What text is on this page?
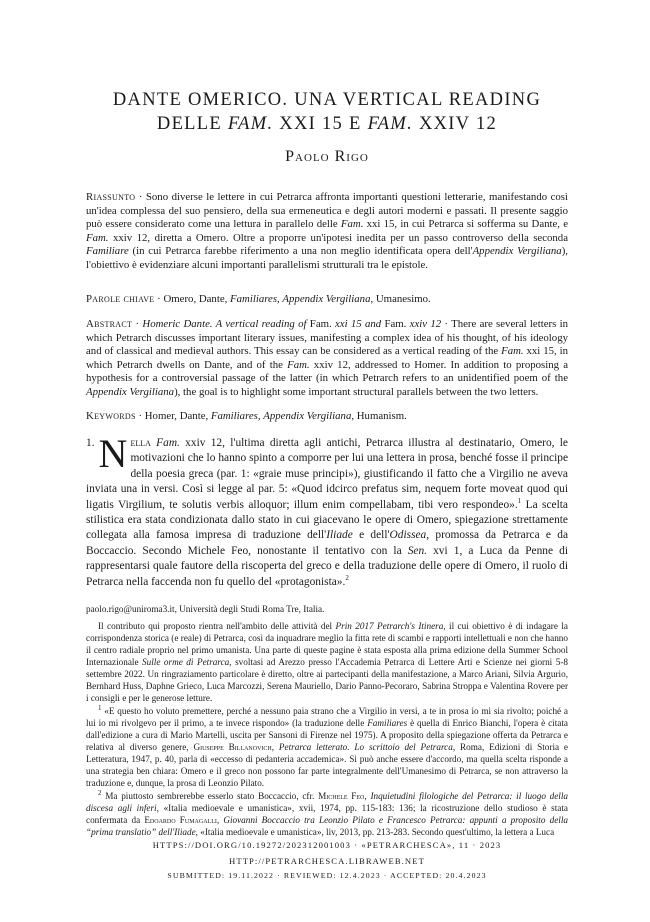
DANTE OMERICO. UNA VERTICAL READING
DELLE FAM. XXI 15 E FAM. XXIV 12
Paolo Rigo
Riassunto · Sono diverse le lettere in cui Petrarca affronta importanti questioni letterarie, manifestando così un'idea complessa del suo pensiero, della sua ermeneutica e degli autori moderni e passati. Il presente saggio può essere considerato come una lettura in parallelo delle Fam. xxi 15, in cui Petrarca si sofferma su Dante, e Fam. xxiv 12, diretta a Omero. Oltre a proporre un'ipotesi inedita per un passo controverso della seconda Familiare (in cui Petrarca farebbe riferimento a una non meglio identificata opera dell'Appendix Vergiliana), l'obiettivo è evidenziare alcuni importanti parallelismi strutturali tra le epistole.
Parole chiave · Omero, Dante, Familiares, Appendix Vergiliana, Umanesimo.
Abstract · Homeric Dante. A vertical reading of Fam. xxi 15 and Fam. xxiv 12 · There are several letters in which Petrarch discusses important literary issues, manifesting a complex idea of his thought, of his ideology and of classical and medieval authors. This essay can be considered as a vertical reading of the Fam. xxi 15, in which Petrarch dwells on Dante, and of the Fam. xxiv 12, addressed to Homer. In addition to proposing a hypothesis for a controversial passage of the latter (in which Petrarch refers to an unidentified poem of the Appendix Vergiliana), the goal is to highlight some important structural parallels between the two letters.
Keywords · Homer, Dante, Familiares, Appendix Vergiliana, Humanism.

1. N ella Fam. xxiv 12, l'ultima diretta agli antichi, Petrarca illustra al destinatario, Omero, le motivazioni che lo hanno spinto a comporre per lui una lettera in prosa, benché fosse il principe della poesia greca (par. 1: «graie muse principi»), giustificando il fatto che a Virgilio ne aveva inviata una in versi. Così si legge al par. 5: «Quod idcirco prefatus sim, nequem forte moveat quod qui ligatis Virgilium, te solutis verbis alloquor; illum enim compellabam, tibi vero respondeo».$^1$ La scelta stilistica era stata condizionata dallo stato in cui giacevano le opere di Omero, spiegazione strettamente collegata alla famosa impresa di traduzione dell'Iliade e dell'Odissea, promossa da Petrarca e da Boccaccio. Secondo Michele Feo, nonostante il tentativo con la Sen. xvi 1, a Luca da Penne di rappresentarsi quale fautore della riscoperta del greco e della traduzione delle opere di Omero, il ruolo di Petrarca nella faccenda non fu quello del «protagonista».$^2$

paolo.rigo@uniroma3.it, Università degli Studi Roma Tre, Italia.

Il contributo qui proposto rientra nell'ambito delle attività del Prin 2017 Petrarch's Itinera, il cui obiettivo è di indagare la corrispondenza storica (e reale) di Petrarca, così da inquadrare meglio la fitta rete di scambi e rapporti intellettuali e non che hanno il centro radiale proprio nel primo umanista. Una parte di queste pagine è stata esposta alla prima edizione della Summer School Internazionale Sulle orme di Petrarca, svoltasi ad Arezzo presso l'Accademia Petrarca di Lettere Arti e Scienze nei giorni 5-8 settembre 2022. Un ringraziamento particolare è diretto, oltre ai partecipanti della manifestazione, a Marco Ariani, Silvia Argurio, Bernhard Huss, Daphne Grieco, Luca Marcozzi, Serena Mauriello, Dario Panno-Pecoraro, Sabrina Stroppa e Valentina Rovere per i consigli e per le generose letture.

$^1$ «E questo ho voluto premettere, perché a nessuno paia strano che a Virgilio in versi, a te in prosa io mi sia rivolto; poiché a lui io mi rivolgevo per il primo, a te invece rispondo» (la traduzione delle Familiares è quella di Enrico Bianchi, l'opera è citata dall'edizione a cura di Mario Martelli, uscita per Sansoni di Firenze nel 1975). A proposito della spiegazione offerta da Petrarca e relativa al diverso genere, Giuseppe Billanovich, Petrarca letterato. Lo scrittoio del Petrarca, Roma, Edizioni di Storia e Letteratura, 1947, p. 40, parla di «eccesso di pedanteria accademica». Si può anche essere d'accordo, ma quella scelta risponde a una strategia ben chiara: Omero e il greco non possono far parte integralmente dell'Umanesimo di Petrarca, se non attraverso la traduzione e, dunque, la prosa di Leonzio Pilato.

$^2$ Ma piuttosto sembrerebbe esserlo stato Boccaccio, cfr. Michele Feo, Inquietudini filologiche del Petrarca: il luogo della discesa agli inferi, «Italia medioevale e umanistica», xvii, 1974, pp. 115-183: 136; la ricostruzione dello studioso è stata confermata da Edoardo Fumagalli, Giovanni Boccaccio tra Leonzio Pilato e Francesco Petrarca: appunti a proposito della “prima translatio” dell'Iliade, «Italia medioevale e umanistica», liv, 2013, pp. 213-283. Secondo quest'ultimo, la lettera a Luca

HTTPS://DOI.ORG/10.19272/202312001003 · «PETRARCHESCA», 11 · 2023
HTTP://PETRARCHESCA.LIBRAWEB.NET
SUBMITTED: 19.11.2022 · REVIEWED: 12.4.2023 · ACCEPTED: 20.4.2023
